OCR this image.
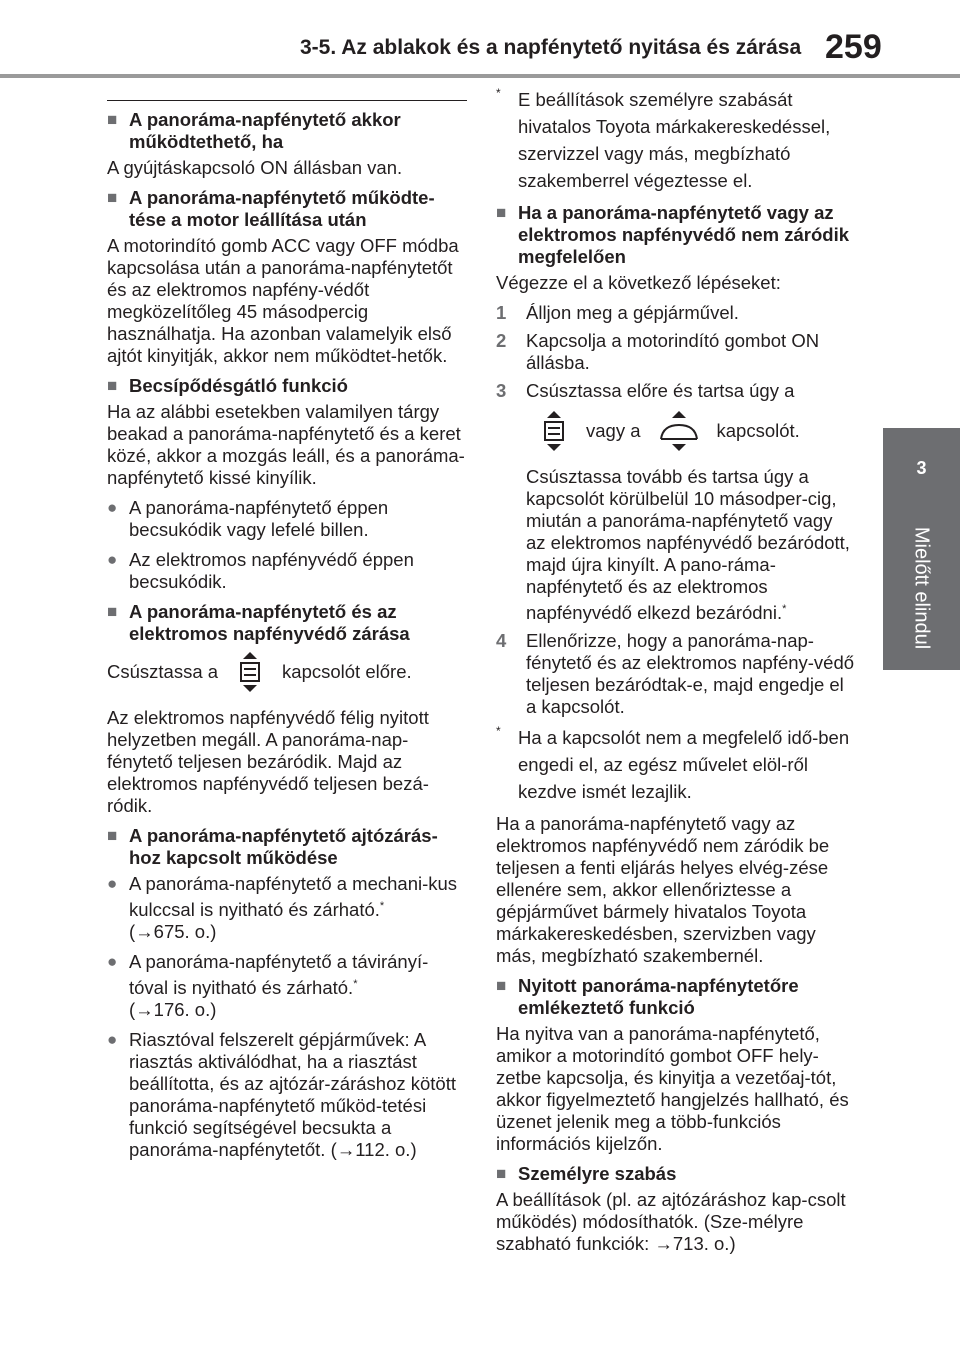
3-5. Az ablakok és a napfénytető nyitása és zárása 259
3
Mielőtt elindul
■ A panoráma-napfénytető akkor működtethető, ha

A gyújtáskapcsoló ON állásban van.

■ A panoráma-napfénytető működte-tése a motor leállítása után

A motorindító gomb ACC vagy OFF módba kapcsolása után a panoráma-napfénytetőt és az elektromos napfény-védőt megközelítőleg 45 másodpercig használhatja. Ha azonban valamelyik első ajtót kinyitják, akkor nem működtet-hetők.

■ Becsípődésgátló funkció

Ha az alábbi esetekben valamilyen tárgy beakad a panoráma-napfénytető és a keret közé, akkor a mozgás leáll, és a panoráma-napfénytető kissé kinyílik.

● A panoráma-napfénytető éppen becsukódik vagy lefelé billen.
● Az elektromos napfényvédő éppen becsukódik.
■ A panoráma-napfénytető és az elektromos napfényvédő zárása
Csúsztassa a	kapcsolót előre.

Az elektromos napfényvédő félig nyitott helyzetben megáll. A panoráma-nap-fénytető teljesen bezáródik. Majd az elektromos napfényvédő teljesen bezá-ródik.

■ A panoráma-napfénytető ajtózárás-hoz kapcsolt működése
● A panoráma-napfénytető a mechani-kus kulccsal is nyitható és zárható.*
(→675. o.)
● A panoráma-napfénytető a távirányí-tóval is nyitható és zárható.*
(→176. o.)
● Riasztóval felszerelt gépjárművek: A riasztás aktiválódhat, ha a riasztást beállította, és az ajtózár-záráshoz kötött panoráma-napfénytető működ-tetési funkció segítségével becsukta a panoráma-napfénytetőt. (→112. o.)
* E beállítások személyre szabását hivatalos Toyota márkakereskedéssel, szervizzel vagy más, megbízható szakemberrel végeztesse el.
■ Ha a panoráma-napfénytető vagy az elektromos napfényvédő nem záródik megfelelően

Végezze el a következő lépéseket:

1 Álljon meg a gépjárművel.
2 Kapcsolja a motorindító gombot ON állásba.
3 Csúsztassa előre és tartsa úgy a
vagy a	kapcsolót.
Csúsztassa tovább és tartsa úgy a kapcsolót körülbelül 10 másodper-cig, miután a panoráma-napfénytető vagy az elektromos napfényvédő bezáródott, majd újra kinyílt. A pano-ráma-napfénytető és az elektromos napfényvédő elkezd bezáródni.*
4 Ellenőrizze, hogy a panoráma-nap-fénytető és az elektromos napfény-védő teljesen bezáródtak-e, majd engedje el a kapcsolót.
* Ha a kapcsolót nem a megfelelő idő-ben engedi el, az egész művelet elöl-ről kezdve ismét lezajlik.

Ha a panoráma-napfénytető vagy az elektromos napfényvédő nem záródik be teljesen a fenti eljárás helyes elvég-zése ellenére sem, akkor ellenőriztesse a gépjárművet bármely hivatalos Toyota márkakereskedésben, szervizben vagy más, megbízható szakembernél.

■ Nyitott panoráma-napfénytetőre emlékeztető funkció

Ha nyitva van a panoráma-napfénytető, amikor a motorindító gombot OFF hely-zetbe kapcsolja, és kinyitja a vezetőaj-tót, akkor figyelmeztető hangjelzés hallható, és üzenet jelenik meg a több-funkciós információs kijelzőn.

■ Személyre szabás

A beállítások (pl. az ajtózáráshoz kap-csolt működés) módosíthatók. (Sze-mélyre szabható funkciók: →713. o.)
